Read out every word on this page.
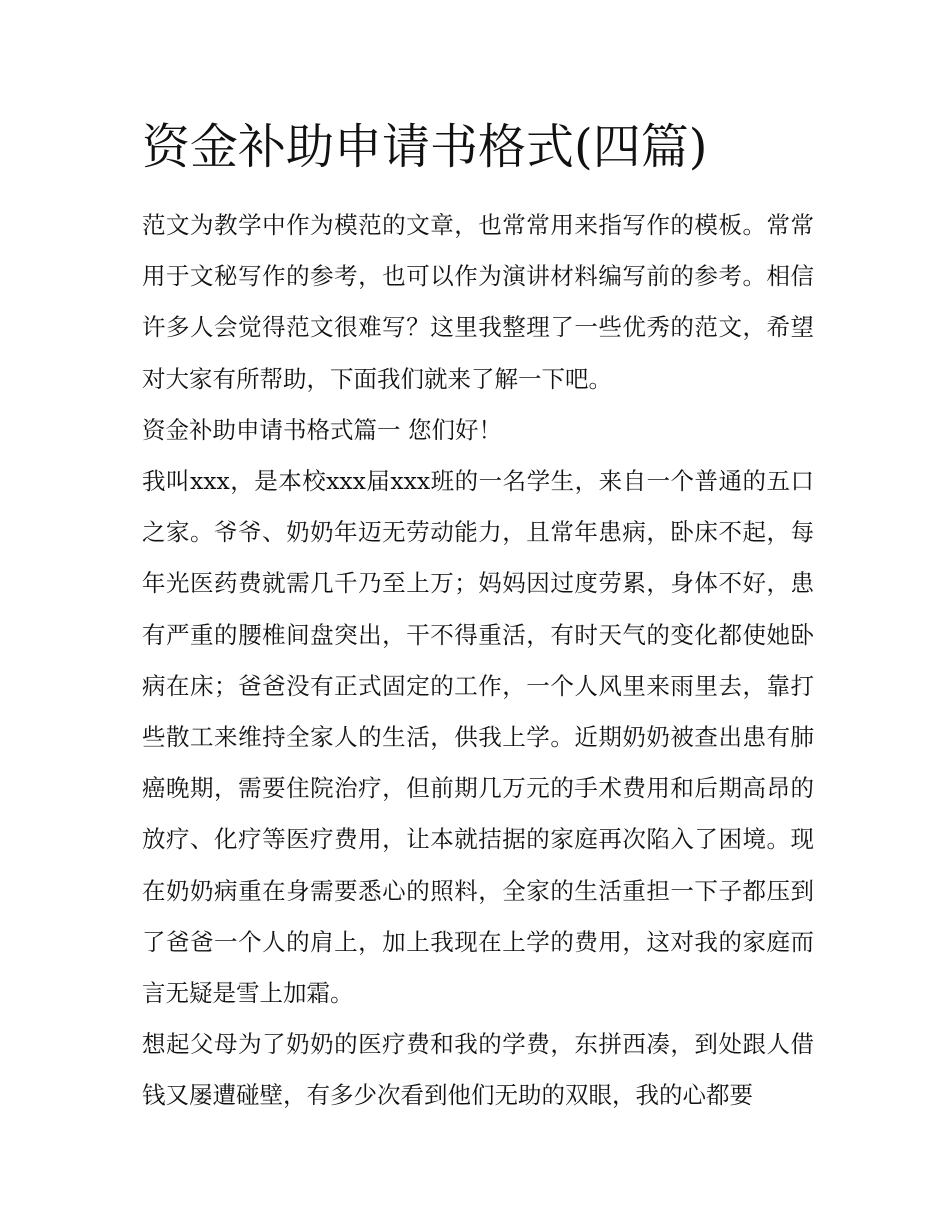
资金补助申请书格式(四篇)

范文为教学中作为模范的文章，也常常用来指写作的模板。常常用于文秘写作的参考，也可以作为演讲材料编写前的参考。相信许多人会觉得范文很难写？这里我整理了一些优秀的范文，希望对大家有所帮助，下面我们就来了解一下吧。

资金补助申请书格式篇一 您们好！

我叫xxx，是本校xxx届xxx班的一名学生，来自一个普通的五口之家。爷爷、奶奶年迈无劳动能力，且常年患病，卧床不起，每年光医药费就需几千乃至上万；妈妈因过度劳累，身体不好，患有严重的腰椎间盘突出，干不得重活，有时天气的变化都使她卧病在床；爸爸没有正式固定的工作，一个人风里来雨里去，靠打些散工来维持全家人的生活，供我上学。近期奶奶被查出患有肺癌晚期，需要住院治疗，但前期几万元的手术费用和后期高昂的放疗、化疗等医疗费用，让本就拮据的家庭再次陷入了困境。现在奶奶病重在身需要悉心的照料，全家的生活重担一下子都压到了爸爸一个人的肩上，加上我现在上学的费用，这对我的家庭而言无疑是雪上加霜。

想起父母为了奶奶的医疗费和我的学费，东拼西凑，到处跟人借钱又屡遭碰壁，有多少次看到他们无助的双眼，我的心都要
